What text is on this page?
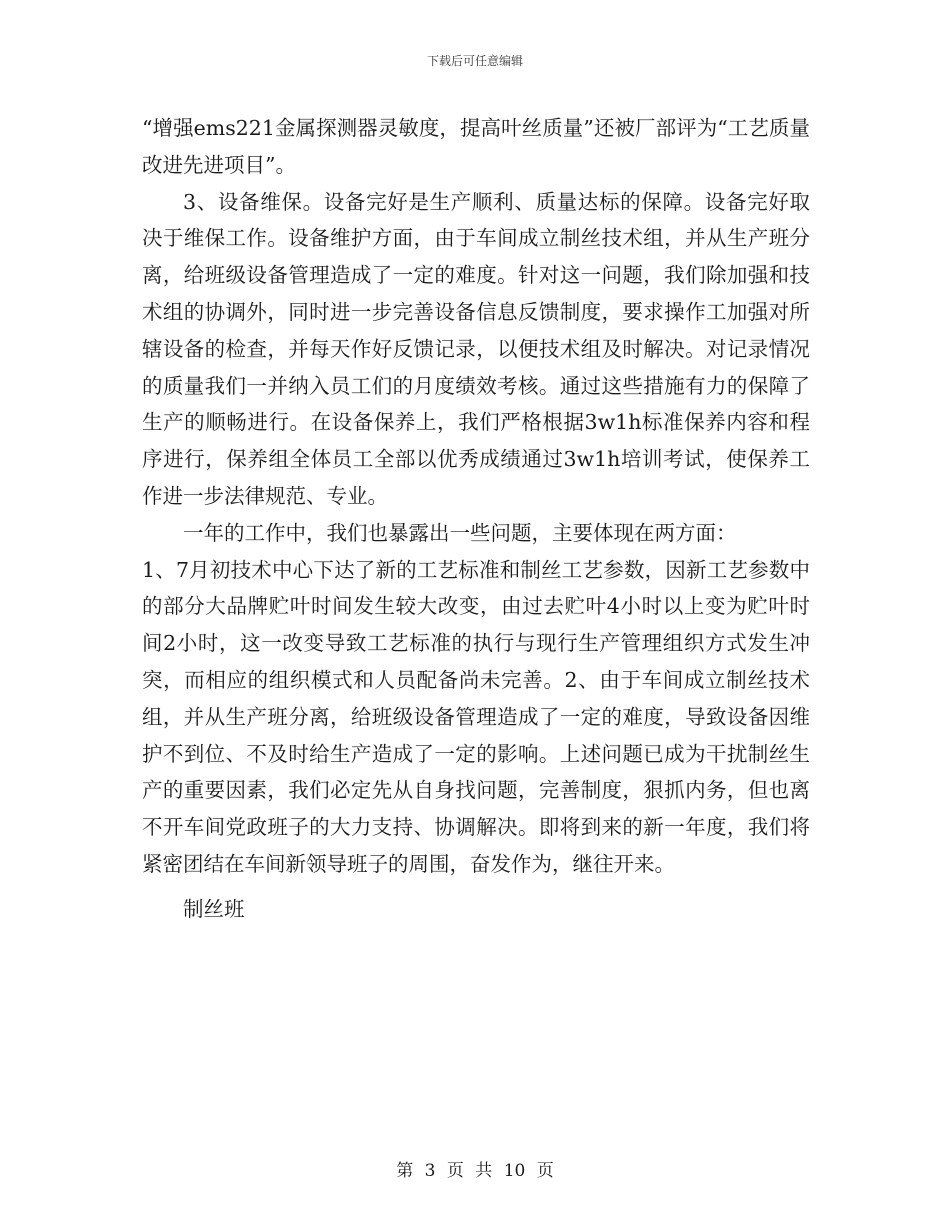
下载后可任意编辑

“增强ems221金属探测器灵敏度，提高叶丝质量”还被厂部评为“工艺质量改进先进项目”。

3、设备维保。设备完好是生产顺利、质量达标的保障。设备完好取决于维保工作。设备维护方面，由于车间成立制丝技术组，并从生产班分离，给班级设备管理造成了一定的难度。针对这一问题，我们除加强和技术组的协调外，同时进一步完善设备信息反馈制度，要求操作工加强对所辖设备的检查，并每天作好反馈记录，以便技术组及时解决。对记录情况的质量我们一并纳入员工们的月度绩效考核。通过这些措施有力的保障了生产的顺畅进行。在设备保养上，我们严格根据3w1h标准保养内容和程序进行，保养组全体员工全部以优秀成绩通过3w1h培训考试，使保养工作进一步法律规范、专业。

一年的工作中，我们也暴露出一些问题，主要体现在两方面：

1、7月初技术中心下达了新的工艺标准和制丝工艺参数，因新工艺参数中的部分大品牌贮叶时间发生较大改变，由过去贮叶4小时以上变为贮叶时间2小时，这一改变导致工艺标准的执行与现行生产管理组织方式发生冲突，而相应的组织模式和人员配备尚未完善。2、由于车间成立制丝技术组，并从生产班分离，给班级设备管理造成了一定的难度，导致设备因维护不到位、不及时给生产造成了一定的影响。上述问题已成为干扰制丝生产的重要因素，我们必定先从自身找问题，完善制度，狠抓内务，但也离不开车间党政班子的大力支持、协调解决。即将到来的新一年度，我们将紧密团结在车间新领导班子的周围，奋发作为，继往开来。

制丝班

第 3 页 共 10 页
